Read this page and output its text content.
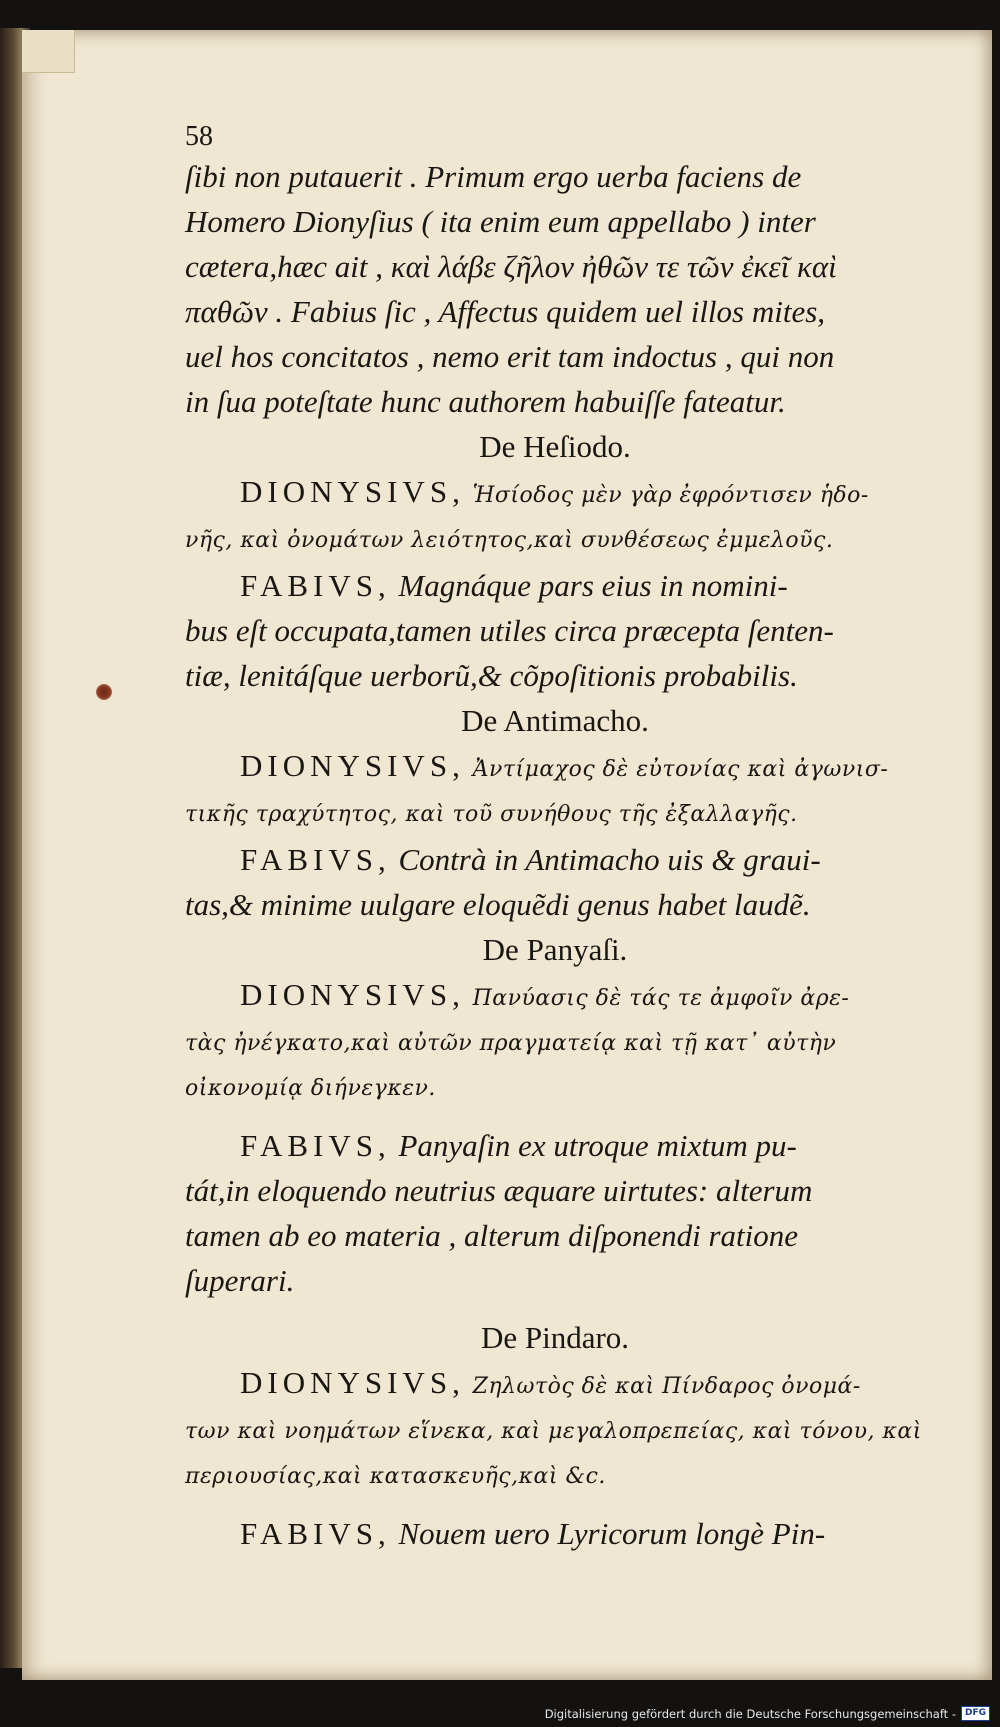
58
ſibi non putauerit . Primum ergo uerba faciens de
Homero Dionyſius ( ita enim eum appellabo ) inter
cætera,hæc ait , καὶ λάβε ζῆλον ἠθῶν τε τῶν ἐκεῖ καὶ
παθῶν . Fabius ſic , Affectus quidem uel illos mites,
uel hos concitatos , nemo erit tam indoctus , qui non
in ſua poteſtate hunc authorem habuiſſe fateatur.
De Heſiodo.
DIONYSIVS, Ἡσίοδος μὲν γὰρ ἐφρόντισεν ἡδο-
νῆς, καὶ ὀνομάτων λειότητος,καὶ συνθέσεως ἐμμελοῦς.
FABIVS, Magnáque pars eius in nomini-
bus eſt occupata,tamen utiles circa præcepta ſenten-
tiæ, lenitáſque uerborũ,& cõpoſitionis probabilis.
De Antimacho.
DIONYSIVS, Ἀντίμαχος δὲ εὐτονίας καὶ ἀγωνισ-
τικῆς τραχύτητος, καὶ τοῦ συνήθους τῆς ἐξαλλαγῆς.
FABIVS, Contrà in Antimacho uis & graui-
tas,& minime uulgare eloquẽdi genus habet laudẽ.
De Panyaſi.
DIONYSIVS, Πανύασις δὲ τάς τε ἀμφοῖν ἀρε-
τὰς ἠνέγκατο,καὶ αὐτῶν πραγματείᾳ καὶ τῇ κατ᾽ αὐτὴν
οἰκονομίᾳ διήνεγκεν.
FABIVS, Panyaſin ex utroque mixtum pu-
tát,in eloquendo neutrius æquare uirtutes: alterum
tamen ab eo materia , alterum diſponendi ratione
ſuperari.
De Pindaro.
DIONYSIVS, Ζηλωτὸς δὲ καὶ Πίνδαρος ὀνομά-
των καὶ νοημάτων εἵνεκα, καὶ μεγαλοπρεπείας, καὶ τόνου, καὶ
περιουσίας,καὶ κατασκευῆς,καὶ &c.
FABIVS, Nouem uero Lyricorum longè Pin-
Digitalisierung gefördert durch die Deutsche Forschungsgemeinschaft -	DFG
